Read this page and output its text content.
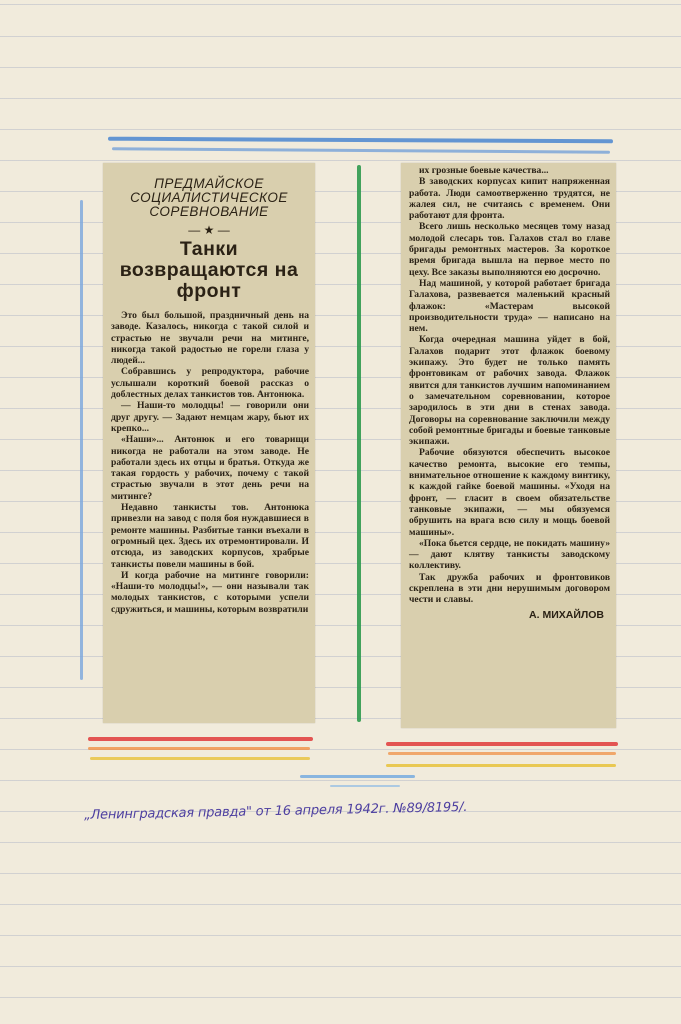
ПРЕДМАЙСКОЕ СОЦИАЛИСТИЧЕСКОЕ СОРЕВНОВАНИЕ
— ★ —
Танки возвращаются на фронт
Это был большой, праздничный день на заводе. Казалось, никогда с такой силой и страстью не звучали речи на митинге, никогда такой радостью не горели глаза у людей...
Собравшись у репродуктора, рабочие услышали короткий боевой рассказ о доблестных делах танкистов тов. Антонюка.
— Наши-то молодцы! — говорили они друг другу. — Задают немцам жару, бьют их крепко...
«Наши»... Антонюк и его товарищи никогда не работали на этом заводе. Не работали здесь их отцы и братья. Откуда же такая гордость у рабочих, почему с такой страстью звучали в этот день речи на митинге?
Недавно танкисты тов. Антонюка привезли на завод с поля боя нуждавшиеся в ремонте машины. Разбитые танки въехали в огромный цех. Здесь их отремонтировали. И отсюда, из заводских корпусов, храбрые танкисты повели машины в бой.
И когда рабочие на митинге говорили: «Наши-то молодцы!», — они называли так молодых танкистов, с которыми успели сдружиться, и машины, которым возвратили
их грозные боевые качества...
В заводских корпусах кипит напряженная работа. Люди самоотверженно трудятся, не жалея сил, не считаясь с временем. Они работают для фронта.
Всего лишь несколько месяцев тому назад молодой слесарь тов. Галахов стал во главе бригады ремонтных мастеров. За короткое время бригада вышла на первое место по цеху. Все заказы выполняются ею досрочно.
Над машиной, у которой работает бригада Галахова, развевается маленький красный флажок: «Мастерам высокой производительности труда» — написано на нем.
Когда очередная машина уйдет в бой, Галахов подарит этот флажок боевому экипажу. Это будет не только память фронтовикам от рабочих завода. Флажок явится для танкистов лучшим напоминанием о замечательном соревновании, которое зародилось в эти дни в стенах завода. Договоры на соревнование заключили между собой ремонтные бригады и боевые танковые экипажи.
Рабочие обязуются обеспечить высокое качество ремонта, высокие его темпы, внимательное отношение к каждому винтику, к каждой гайке боевой машины. «Уходя на фронт, — гласит в своем обязательстве танковые экипажи, — мы обязуемся обрушить на врага всю силу и мощь боевой машины».
«Пока бьется сердце, не покидать машину» — дают клятву танкисты заводскому коллективу.
Так дружба рабочих и фронтовиков скреплена в эти дни нерушимым договором чести и славы.
А. МИХАЙЛОВ
„Ленинградская правда" от 16 апреля 1942г. №89/8195/.
